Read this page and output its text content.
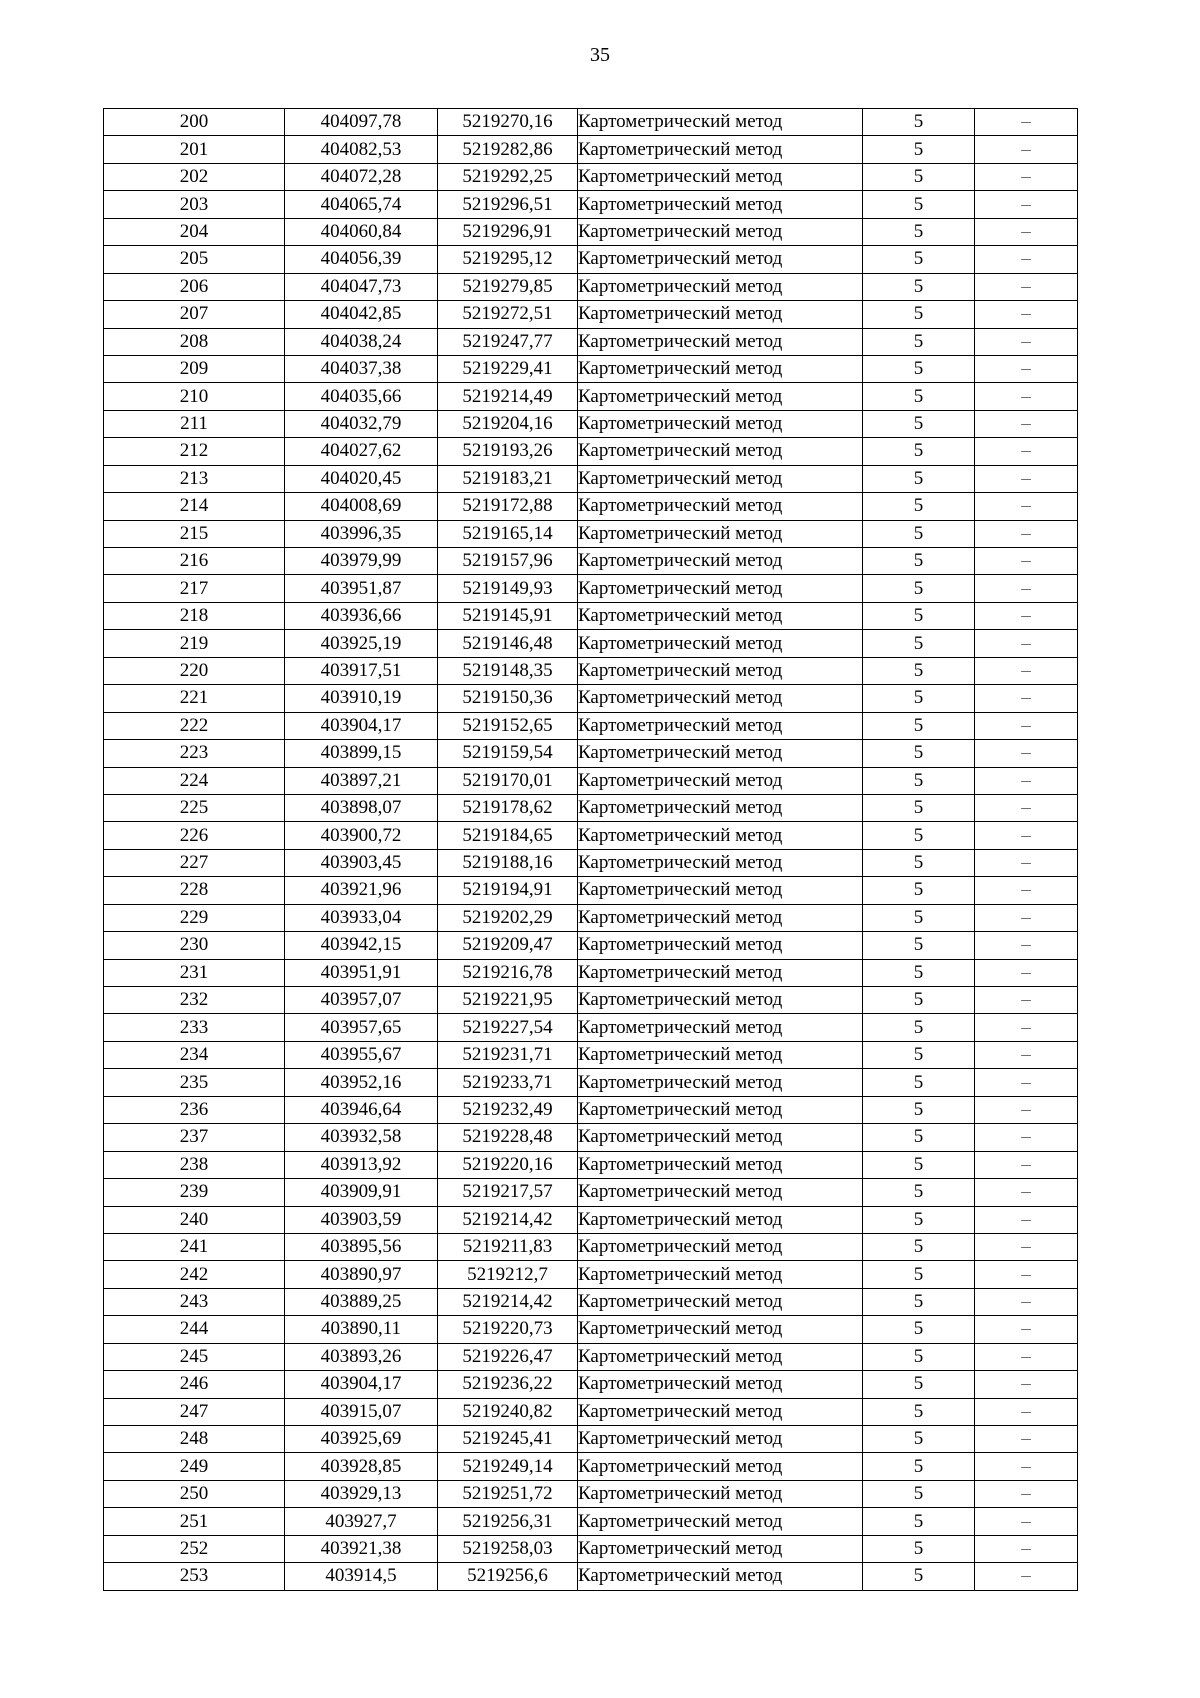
35
200	404097,78	5219270,16	Картометрический метод	5	–
201	404082,53	5219282,86	Картометрический метод	5	–
202	404072,28	5219292,25	Картометрический метод	5	–
203	404065,74	5219296,51	Картометрический метод	5	–
204	404060,84	5219296,91	Картометрический метод	5	–
205	404056,39	5219295,12	Картометрический метод	5	–
206	404047,73	5219279,85	Картометрический метод	5	–
207	404042,85	5219272,51	Картометрический метод	5	–
208	404038,24	5219247,77	Картометрический метод	5	–
209	404037,38	5219229,41	Картометрический метод	5	–
210	404035,66	5219214,49	Картометрический метод	5	–
211	404032,79	5219204,16	Картометрический метод	5	–
212	404027,62	5219193,26	Картометрический метод	5	–
213	404020,45	5219183,21	Картометрический метод	5	–
214	404008,69	5219172,88	Картометрический метод	5	–
215	403996,35	5219165,14	Картометрический метод	5	–
216	403979,99	5219157,96	Картометрический метод	5	–
217	403951,87	5219149,93	Картометрический метод	5	–
218	403936,66	5219145,91	Картометрический метод	5	–
219	403925,19	5219146,48	Картометрический метод	5	–
220	403917,51	5219148,35	Картометрический метод	5	–
221	403910,19	5219150,36	Картометрический метод	5	–
222	403904,17	5219152,65	Картометрический метод	5	–
223	403899,15	5219159,54	Картометрический метод	5	–
224	403897,21	5219170,01	Картометрический метод	5	–
225	403898,07	5219178,62	Картометрический метод	5	–
226	403900,72	5219184,65	Картометрический метод	5	–
227	403903,45	5219188,16	Картометрический метод	5	–
228	403921,96	5219194,91	Картометрический метод	5	–
229	403933,04	5219202,29	Картометрический метод	5	–
230	403942,15	5219209,47	Картометрический метод	5	–
231	403951,91	5219216,78	Картометрический метод	5	–
232	403957,07	5219221,95	Картометрический метод	5	–
233	403957,65	5219227,54	Картометрический метод	5	–
234	403955,67	5219231,71	Картометрический метод	5	–
235	403952,16	5219233,71	Картометрический метод	5	–
236	403946,64	5219232,49	Картометрический метод	5	–
237	403932,58	5219228,48	Картометрический метод	5	–
238	403913,92	5219220,16	Картометрический метод	5	–
239	403909,91	5219217,57	Картометрический метод	5	–
240	403903,59	5219214,42	Картометрический метод	5	–
241	403895,56	5219211,83	Картометрический метод	5	–
242	403890,97	5219212,7	Картометрический метод	5	–
243	403889,25	5219214,42	Картометрический метод	5	–
244	403890,11	5219220,73	Картометрический метод	5	–
245	403893,26	5219226,47	Картометрический метод	5	–
246	403904,17	5219236,22	Картометрический метод	5	–
247	403915,07	5219240,82	Картометрический метод	5	–
248	403925,69	5219245,41	Картометрический метод	5	–
249	403928,85	5219249,14	Картометрический метод	5	–
250	403929,13	5219251,72	Картометрический метод	5	–
251	403927,7	5219256,31	Картометрический метод	5	–
252	403921,38	5219258,03	Картометрический метод	5	–
253	403914,5	5219256,6	Картометрический метод	5	–
